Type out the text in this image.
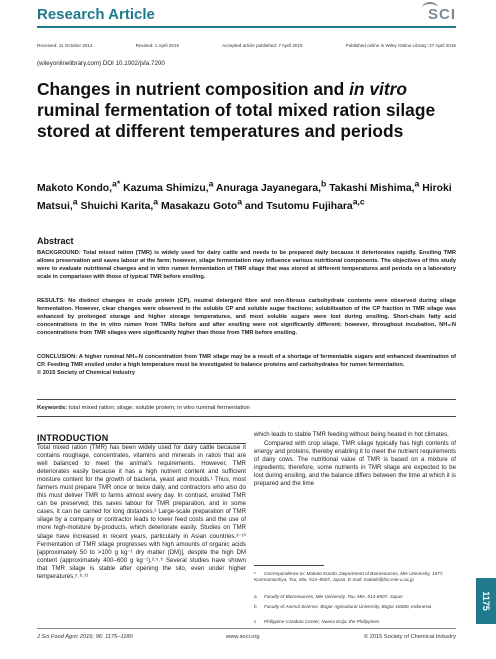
Research Article	SCI
Received: 11 October 2014	Revised: 1 April 2015	Accepted article published: 7 April 2015	Published online in Wiley Online Library: 27 April 2015
(wileyonlinelibrary.com) DOI 10.1002/jsfa.7200
Changes in nutrient composition and in vitro ruminal fermentation of total mixed ration silage stored at different temperatures and periods
Makoto Kondo,$^{a*}$ Kazuma Shimizu,$^a$ Anuraga Jayanegara,$^b$ Takashi Mishima,$^a$ Hiroki Matsui,$^a$ Shuichi Karita,$^a$ Masakazu Goto$^a$ and Tsutomu Fujihara$^{a,c}$
Abstract

BACKGROUND: Total mixed ration (TMR) is widely used for dairy cattle and needs to be prepared daily because it deteriorates rapidly. Ensiling TMR allows preservation and saves labour at the farm; however, silage fermentation may influence various nutritional components. The objectives of this study were to evaluate nutritional changes and in vitro rumen fermentation of TMR silage that was stored at different temperatures and periods on a laboratory scale in comparison with those of typical TMR before ensiling.

RESULTS: No distinct changes in crude protein (CP), neutral detergent fibre and non-fibrous carbohydrate contents were observed during silage fermentation. However, clear changes were observed in the soluble CP and soluble sugar fractions; solubilisation of the CP fraction in TMR silage was enhanced by prolonged storage and higher storage temperatures, and most soluble sugars were lost during ensiling. Short-chain fatty acid concentrations in the in vitro rumen from TMRs before and after ensiling were not significantly different; however, throughout incubation, NH₃-N concentrations from TMR silages were significantly higher than those from TMR before ensiling.

CONCLUSION: A higher ruminal NH₃-N concentration from TMR silage may be a result of a shortage of fermentable sugars and enhanced deamination of CP. Feeding TMR ensiled under a high temperature must be investigated to balance proteins and carbohydrates for rumen fermentation.
© 2015 Society of Chemical Industry

Keywords: total mixed ration; silage; soluble protein; in vitro ruminal fermentation
INTRODUCTION

Total mixed ration (TMR) has been widely used for dairy cattle because it contains roughage, concentrates, vitamins and minerals in ratios that are well balanced to meet the animal's requirements. However, TMR deteriorates easily because it has a high nutrient content and sufficient moisture content for the growth of bacteria, yeast and moulds.¹ Thus, most farmers must prepare TMR once or twice daily, and contractors who also do this must deliver TMR to farms almost every day. In contrast, ensiled TMR can be preserved; this saves labour for TMR preparation, and in some cases, it can be carried for long distances.² Large-scale preparation of TMR silage by a company or contractor leads to lower feed costs and the use of more high-moisture by-products, which deteriorate easily. Studies on TMR silage have increased in recent years, particularly in Asian countries.³⁻¹⁰ Fermentation of TMR silage progresses with high amounts of organic acids [approximately 50 to >100 g kg⁻¹ dry matter (DM)], despite the high DM content (approximately 400–600 g kg⁻¹).²˒⁵˒⁶ Several studies have shown that TMR silage is stable after opening the silo, even under higher temperatures,⁵˒⁸˒¹¹

which leads to stable TMR feeding without being heated in hot climates.

Compared with crop silage, TMR silage typically has high contents of energy and proteins, thereby enabling it to meet the nutrient requirements of dairy cows. The nutritional value of TMR is based on a mixture of ingredients; therefore, some nutrients in TMR silage are expected to be lost during ensiling, and the balance differs between the time at which it is prepared and the time

* Correspondence to: Makoto Kondo, Department of Bioresources, Mie University, 1577, Kurimamachiya, Tsu, Mie, 514–8507, Japan. E-mail: makoki@bio.mie-u.ac.jp
a Faculty of Bioresources, Mie University, Tsu, Mie, 514-8507, Japan
b Faculty of Animal Science, Bogor Agricultural University, Bogor 16680, Indonesia
c Philippine Carabao Center, Nueva Ecija, the Philippines
1175
J Sci Food Agric 2016; 96: 1175–1180	www.soci.org	© 2015 Society of Chemical Industry
